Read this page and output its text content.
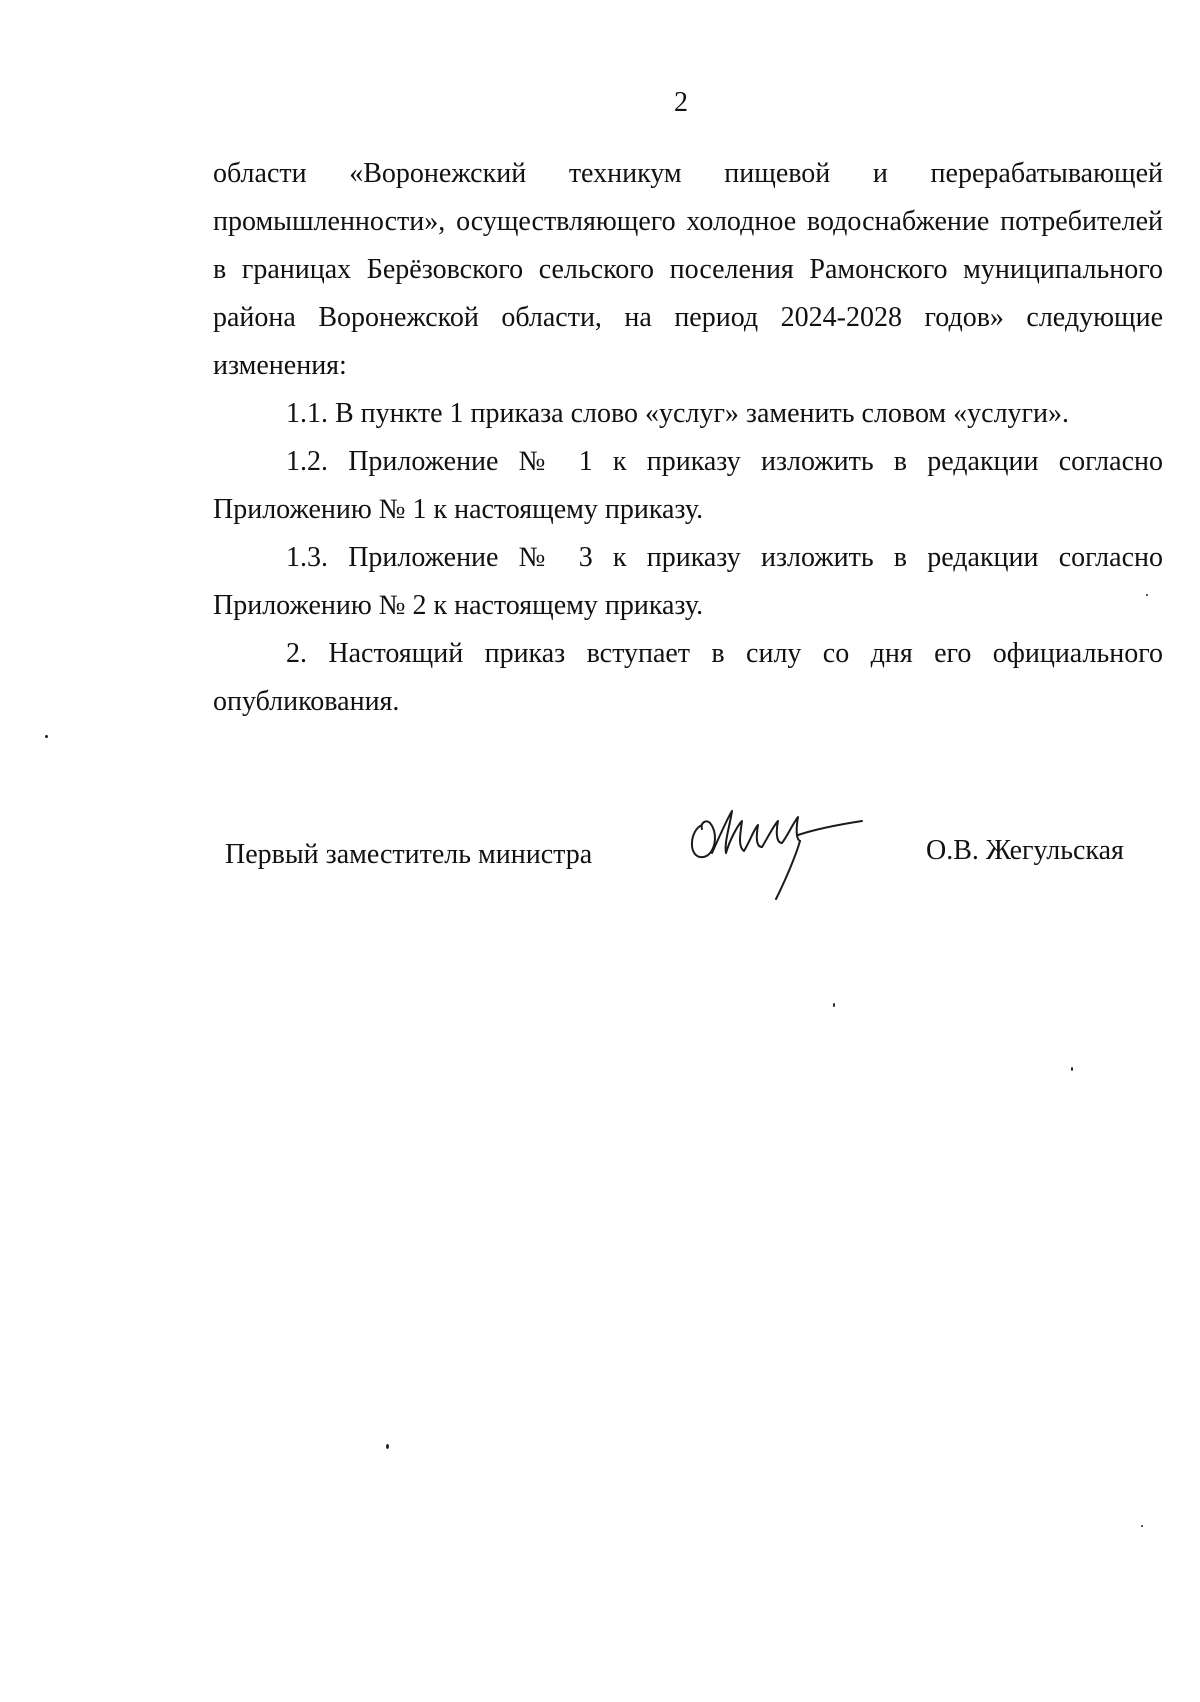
2

области «Воронежский техникум пищевой и перерабатывающей промышленности», осуществляющего холодное водоснабжение потребителей в границах Берёзовского сельского поселения Рамонского муниципального района Воронежской области, на период 2024-2028 годов» следующие изменения:

1.1. В пункте 1 приказа слово «услуг» заменить словом «услуги».

1.2. Приложение № 1 к приказу изложить в редакции согласно Приложению № 1 к настоящему приказу.

1.3. Приложение № 3 к приказу изложить в редакции согласно Приложению № 2 к настоящему приказу.

2. Настоящий приказ вступает в силу со дня его официального опубликования.

Первый заместитель министра	О.В. Жегульская
